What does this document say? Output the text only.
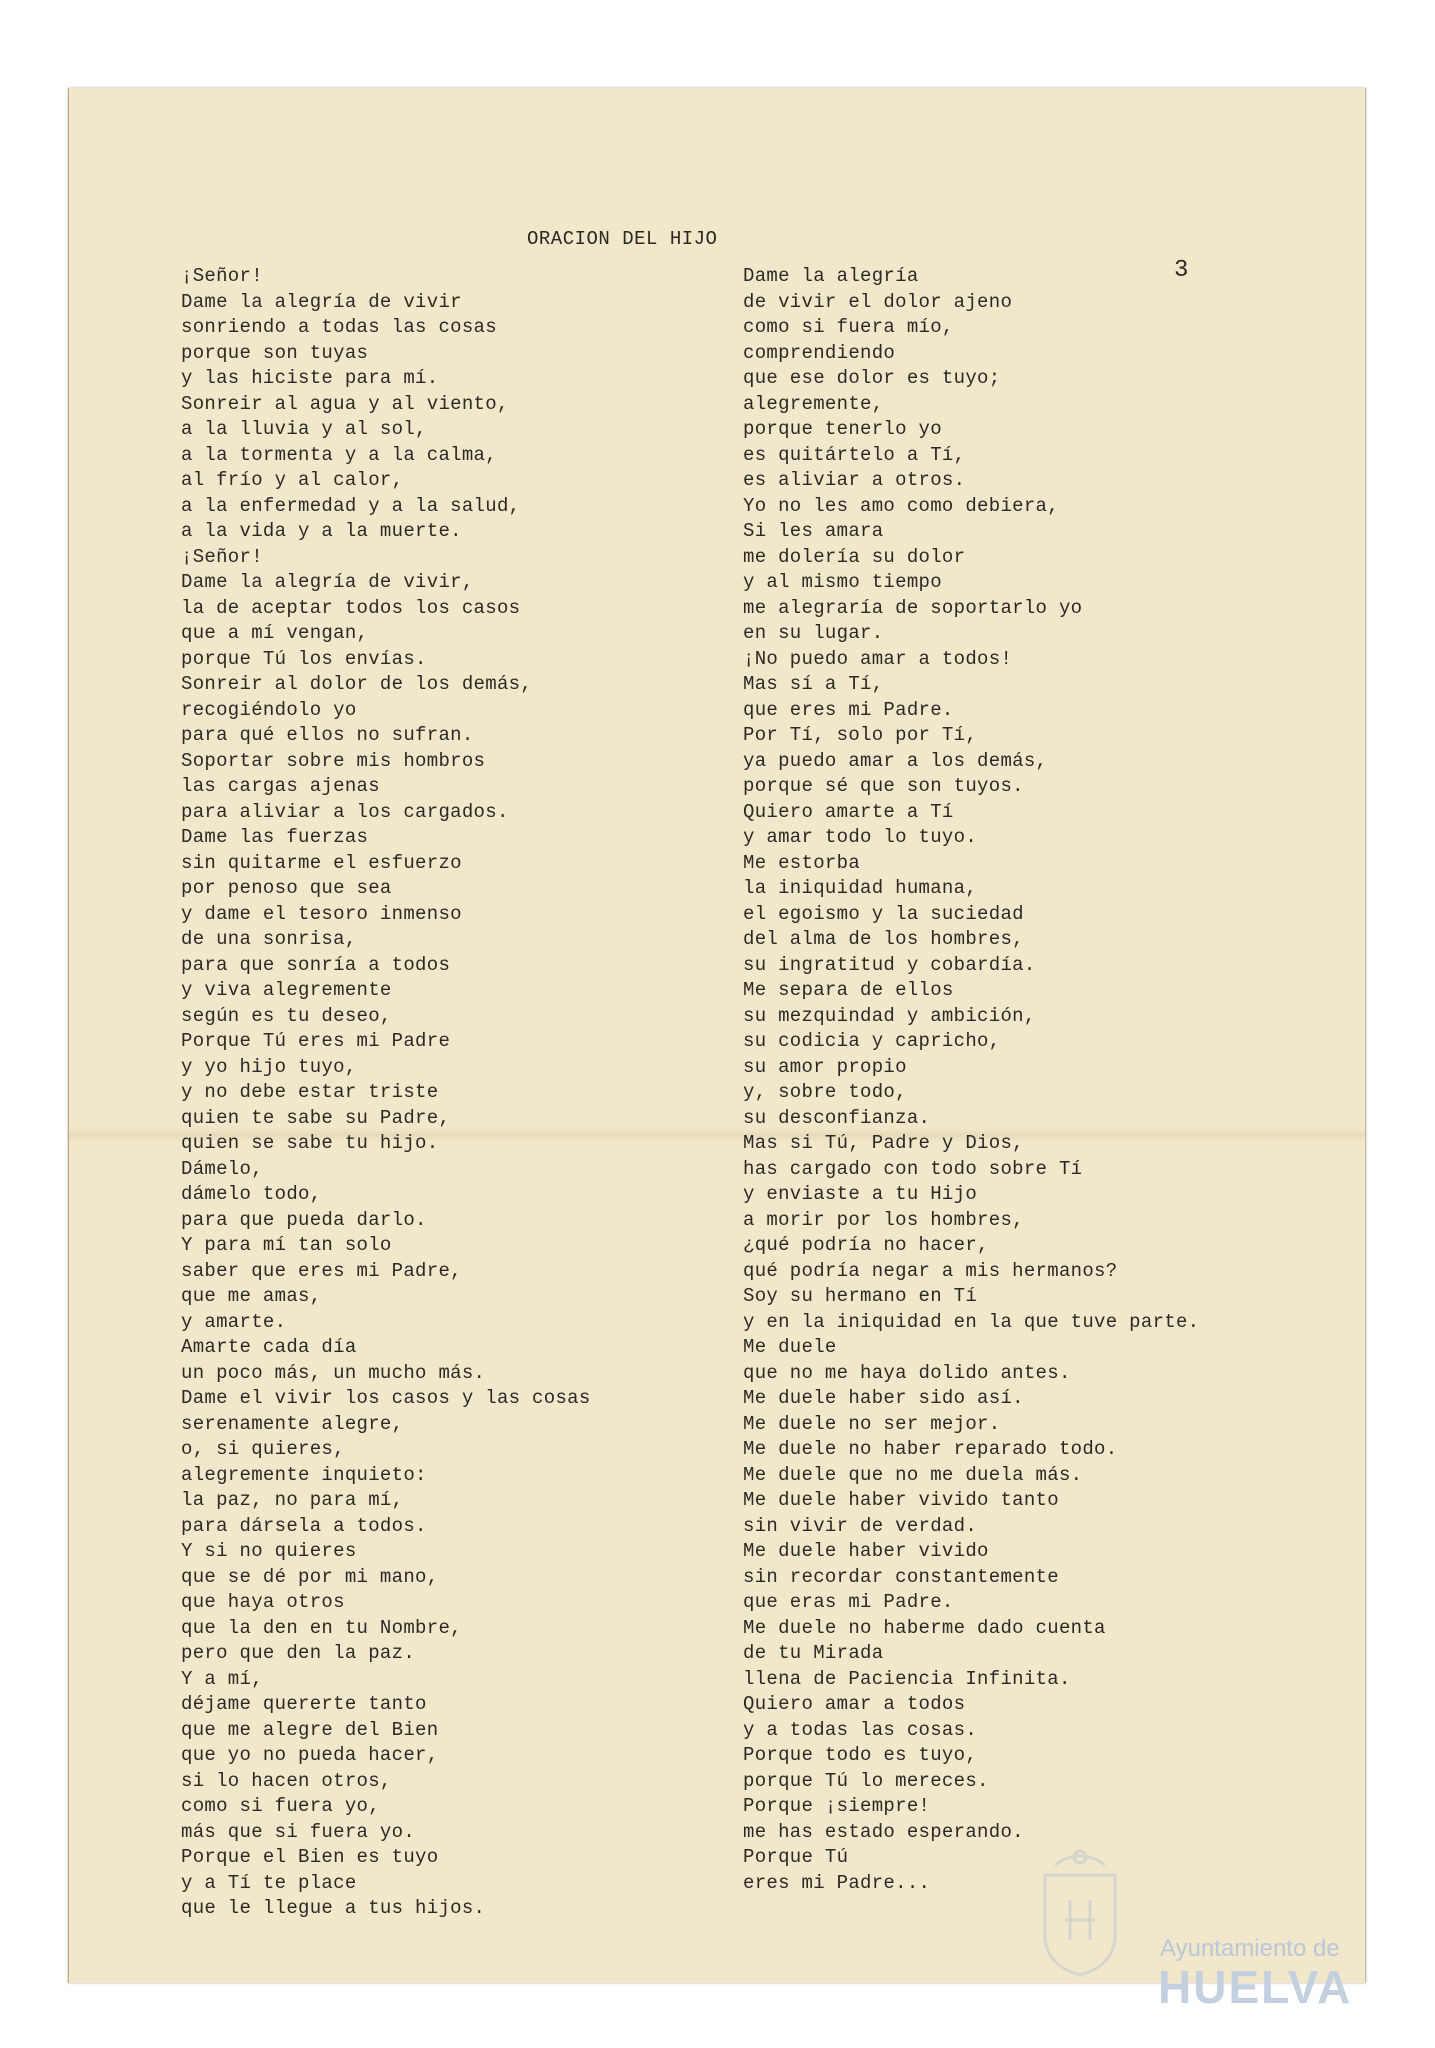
ORACION DEL HIJO
3
¡Señor!
Dame la alegría de vivir
sonriendo a todas las cosas
porque son tuyas
y las hiciste para mí.
Sonreir al agua y al viento,
a la lluvia y al sol,
a la tormenta y a la calma,
al frío y al calor,
a la enfermedad y a la salud,
a la vida y a la muerte.
¡Señor!
Dame la alegría de vivir,
la de aceptar todos los casos
que a mí vengan,
porque Tú los envías.
Sonreir al dolor de los demás,
recogiéndolo yo
para qué ellos no sufran.
Soportar sobre mis hombros
las cargas ajenas
para aliviar a los cargados.
Dame las fuerzas
sin quitarme el esfuerzo
por penoso que sea
y dame el tesoro inmenso
de una sonrisa,
para que sonría a todos
y viva alegremente
según es tu deseo,
Porque Tú eres mi Padre
y yo hijo tuyo,
y no debe estar triste
quien te sabe su Padre,
quien se sabe tu hijo.
Dámelo,
dámelo todo,
para que pueda darlo.
Y para mí tan solo
saber que eres mi Padre,
que me amas,
y amarte.
Amarte cada día
un poco más, un mucho más.
Dame el vivir los casos y las cosas
serenamente alegre,
o, si quieres,
alegremente inquieto:
la paz, no para mí,
para dársela a todos.
Y si no quieres
que se dé por mi mano,
que haya otros
que la den en tu Nombre,
pero que den la paz.
Y a mí,
déjame quererte tanto
que me alegre del Bien
que yo no pueda hacer,
si lo hacen otros,
como si fuera yo,
más que si fuera yo.
Porque el Bien es tuyo
y a Tí te place
que le llegue a tus hijos.
Dame la alegría
de vivir el dolor ajeno
como si fuera mío,
comprendiendo
que ese dolor es tuyo;
alegremente,
porque tenerlo yo
es quitártelo a Tí,
es aliviar a otros.
Yo no les amo como debiera,
Si les amara
me dolería su dolor
y al mismo tiempo
me alegraría de soportarlo yo
en su lugar.
¡No puedo amar a todos!
Mas sí a Tí,
que eres mi Padre.
Por Tí, solo por Tí,
ya puedo amar a los demás,
porque sé que son tuyos.
Quiero amarte a Tí
y amar todo lo tuyo.
Me estorba
la iniquidad humana,
el egoismo y la suciedad
del alma de los hombres,
su ingratitud y cobardía.
Me separa de ellos
su mezquindad y ambición,
su codicia y capricho,
su amor propio
y, sobre todo,
su desconfianza.
Mas si Tú, Padre y Dios,
has cargado con todo sobre Tí
y enviaste a tu Hijo
a morir por los hombres,
¿qué podría no hacer,
qué podría negar a mis hermanos?
Soy su hermano en Tí
y en la iniquidad en la que tuve parte.
Me duele
que no me haya dolido antes.
Me duele haber sido así.
Me duele no ser mejor.
Me duele no haber reparado todo.
Me duele que no me duela más.
Me duele haber vivido tanto
sin vivir de verdad.
Me duele haber vivido
sin recordar constantemente
que eras mi Padre.
Me duele no haberme dado cuenta
de tu Mirada
llena de Paciencia Infinita.
Quiero amar a todos
y a todas las cosas.
Porque todo es tuyo,
porque Tú lo mereces.
Porque ¡siempre!
me has estado esperando.
Porque Tú
eres mi Padre...
Ayuntamiento de
HUELVA
